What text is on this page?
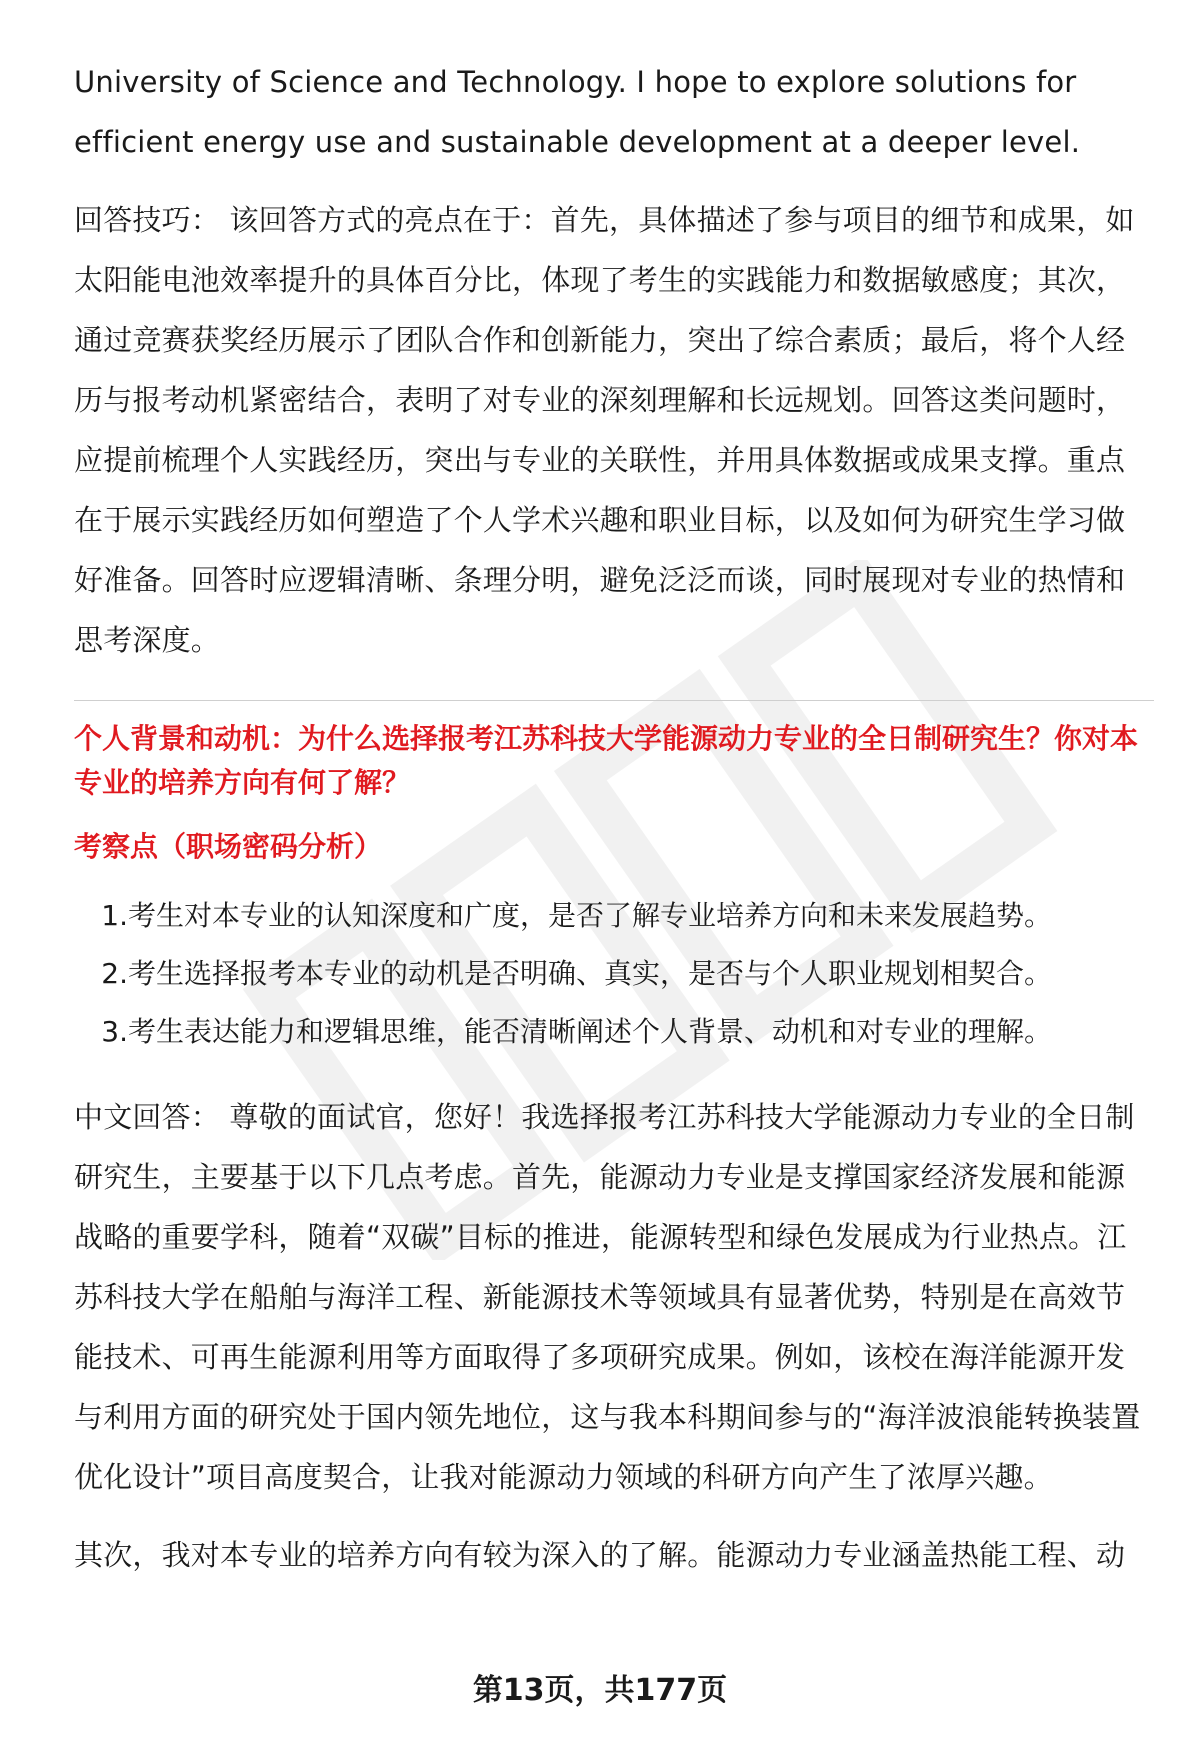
University of Science and Technology. I hope to explore solutions for efficient energy use and sustainable development at a deeper level.

回答技巧： 该回答方式的亮点在于：首先，具体描述了参与项目的细节和成果，如太阳能电池效率提升的具体百分比，体现了考生的实践能力和数据敏感度；其次，通过竞赛获奖经历展示了团队合作和创新能力，突出了综合素质；最后，将个人经历与报考动机紧密结合，表明了对专业的深刻理解和长远规划。回答这类问题时，应提前梳理个人实践经历，突出与专业的关联性，并用具体数据或成果支撑。重点在于展示实践经历如何塑造了个人学术兴趣和职业目标，以及如何为研究生学习做好准备。回答时应逻辑清晰、条理分明，避免泛泛而谈，同时展现对专业的热情和思考深度。

个人背景和动机：为什么选择报考江苏科技大学能源动力专业的全日制研究生？你对本专业的培养方向有何了解？

考察点（职场密码分析）

1. 考生对本专业的认知深度和广度，是否了解专业培养方向和未来发展趋势。
2. 考生选择报考本专业的动机是否明确、真实，是否与个人职业规划相契合。
3. 考生表达能力和逻辑思维，能否清晰阐述个人背景、动机和对专业的理解。

中文回答： 尊敬的面试官，您好！我选择报考江苏科技大学能源动力专业的全日制研究生，主要基于以下几点考虑。首先，能源动力专业是支撑国家经济发展和能源战略的重要学科，随着“双碳”目标的推进，能源转型和绿色发展成为行业热点。江苏科技大学在船舶与海洋工程、新能源技术等领域具有显著优势，特别是在高效节能技术、可再生能源利用等方面取得了多项研究成果。例如，该校在海洋能源开发与利用方面的研究处于国内领先地位，这与我本科期间参与的“海洋波浪能转换装置优化设计”项目高度契合，让我对能源动力领域的科研方向产生了浓厚兴趣。

其次，我对本专业的培养方向有较为深入的了解。能源动力专业涵盖热能工程、动

第13页，共177页
